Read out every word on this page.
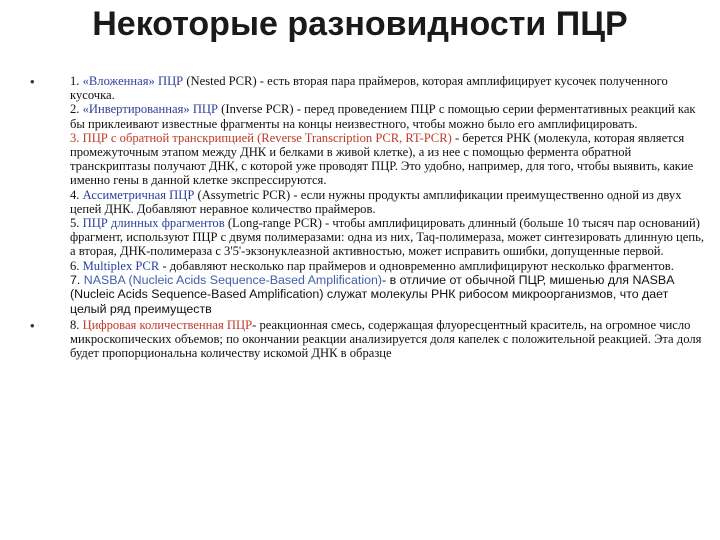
Некоторые разновидности ПЦР
•	1. «Вложенная» ПЦР (Nested PCR) - есть вторая пара праймеров, которая амплифицирует кусочек полученного кусочка.
2. «Инвертированная» ПЦР (Inverse PCR) - перед проведением ПЦР с помощью серии ферментативных реакций как бы приклеивают известные фрагменты на концы неизвестного, чтобы можно было его амплифицировать.
3. ПЦР с обратной транскрипцией (Reverse Transcription PCR, RT-PCR) - берется РНК (молекула, которая является промежуточным этапом между ДНК и белками в живой клетке), а из нее с помощью фермента обратной транскриптазы получают ДНК, с которой уже проводят ПЦР. Это удобно, например, для того, чтобы выявить, какие именно гены в данной клетке экспрессируются.
4. Ассиметричная ПЦР (Assymetric PCR) - если нужны продукты амплификации преимущественно одной из двух цепей ДНК. Добавляют неравное количество праймеров.
5. ПЦР длинных фрагментов (Long-range PCR) - чтобы амплифицировать длинный (больше 10 тысяч пар оснований) фрагмент, используют ПЦР с двумя полимеразами: одна из них, Taq-полимераза, может синтезировать длинную цепь, а вторая, ДНК-полимераза с 3'5'-экзонуклеазной активностью, может исправить ошибки, допущенные первой.
6. Multiplex PCR - добавляют несколько пар праймеров и одновременно амплифицируют несколько фрагментов.
7. NASBA (Nucleic Acids Sequence-Based Amplification)- в отличие от обычной ПЦР, мишенью для NASBA (Nucleic Acids Sequence-Based Amplification) служат молекулы РНК рибосом микроорганизмов, что дает целый ряд преимуществ
•	8. Цифровая количественная ПЦР- реакционная смесь, содержащая флуоресцентный краситель, на огромное число микроскопических объемов; по окончании реакции анализируется доля капелек с положительной реакцией. Эта доля будет пропорциональна количеству искомой ДНК в образце
